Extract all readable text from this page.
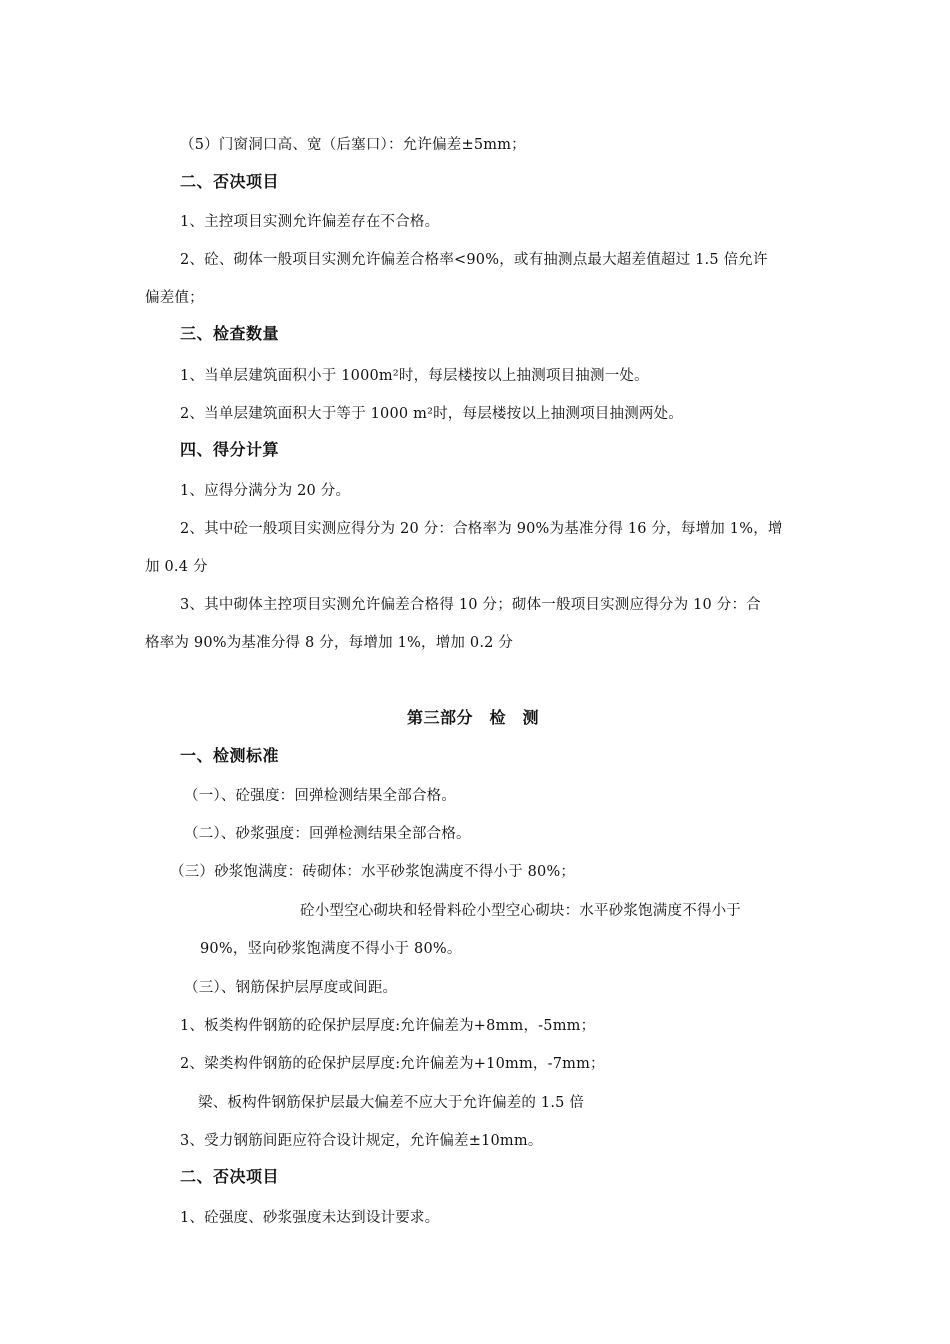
（5）门窗洞口高、宽（后塞口）：允许偏差±5mm；
二、否决项目
1、主控项目实测允许偏差存在不合格。
2、砼、砌体一般项目实测允许偏差合格率<90%，或有抽测点最大超差值超过 1.5 倍允许
偏差值；
三、检查数量
1、当单层建筑面积小于 1000m²时，每层楼按以上抽测项目抽测一处。
2、当单层建筑面积大于等于 1000 m²时，每层楼按以上抽测项目抽测两处。
四、得分计算
1、应得分满分为 20 分。
2、其中砼一般项目实测应得分为 20 分：合格率为 90%为基准分得 16 分，每增加 1%，增
加 0.4 分
3、其中砌体主控项目实测允许偏差合格得 10 分；砌体一般项目实测应得分为 10 分：合
格率为 90%为基准分得 8 分，每增加 1%，增加 0.2 分
第三部分　检　测
一、检测标准
（一）、砼强度：回弹检测结果全部合格。
（二）、砂浆强度：回弹检测结果全部合格。
（三）砂浆饱满度：砖砌体：水平砂浆饱满度不得小于 80%；
砼小型空心砌块和轻骨料砼小型空心砌块：水平砂浆饱满度不得小于
90%，竖向砂浆饱满度不得小于 80%。
（三）、钢筋保护层厚度或间距。
1、板类构件钢筋的砼保护层厚度:允许偏差为+8mm，-5mm；
2、梁类构件钢筋的砼保护层厚度:允许偏差为+10mm，-7mm；
梁、板构件钢筋保护层最大偏差不应大于允许偏差的 1.5 倍
3、受力钢筋间距应符合设计规定，允许偏差±10mm。
二、否决项目
1、砼强度、砂浆强度未达到设计要求。
